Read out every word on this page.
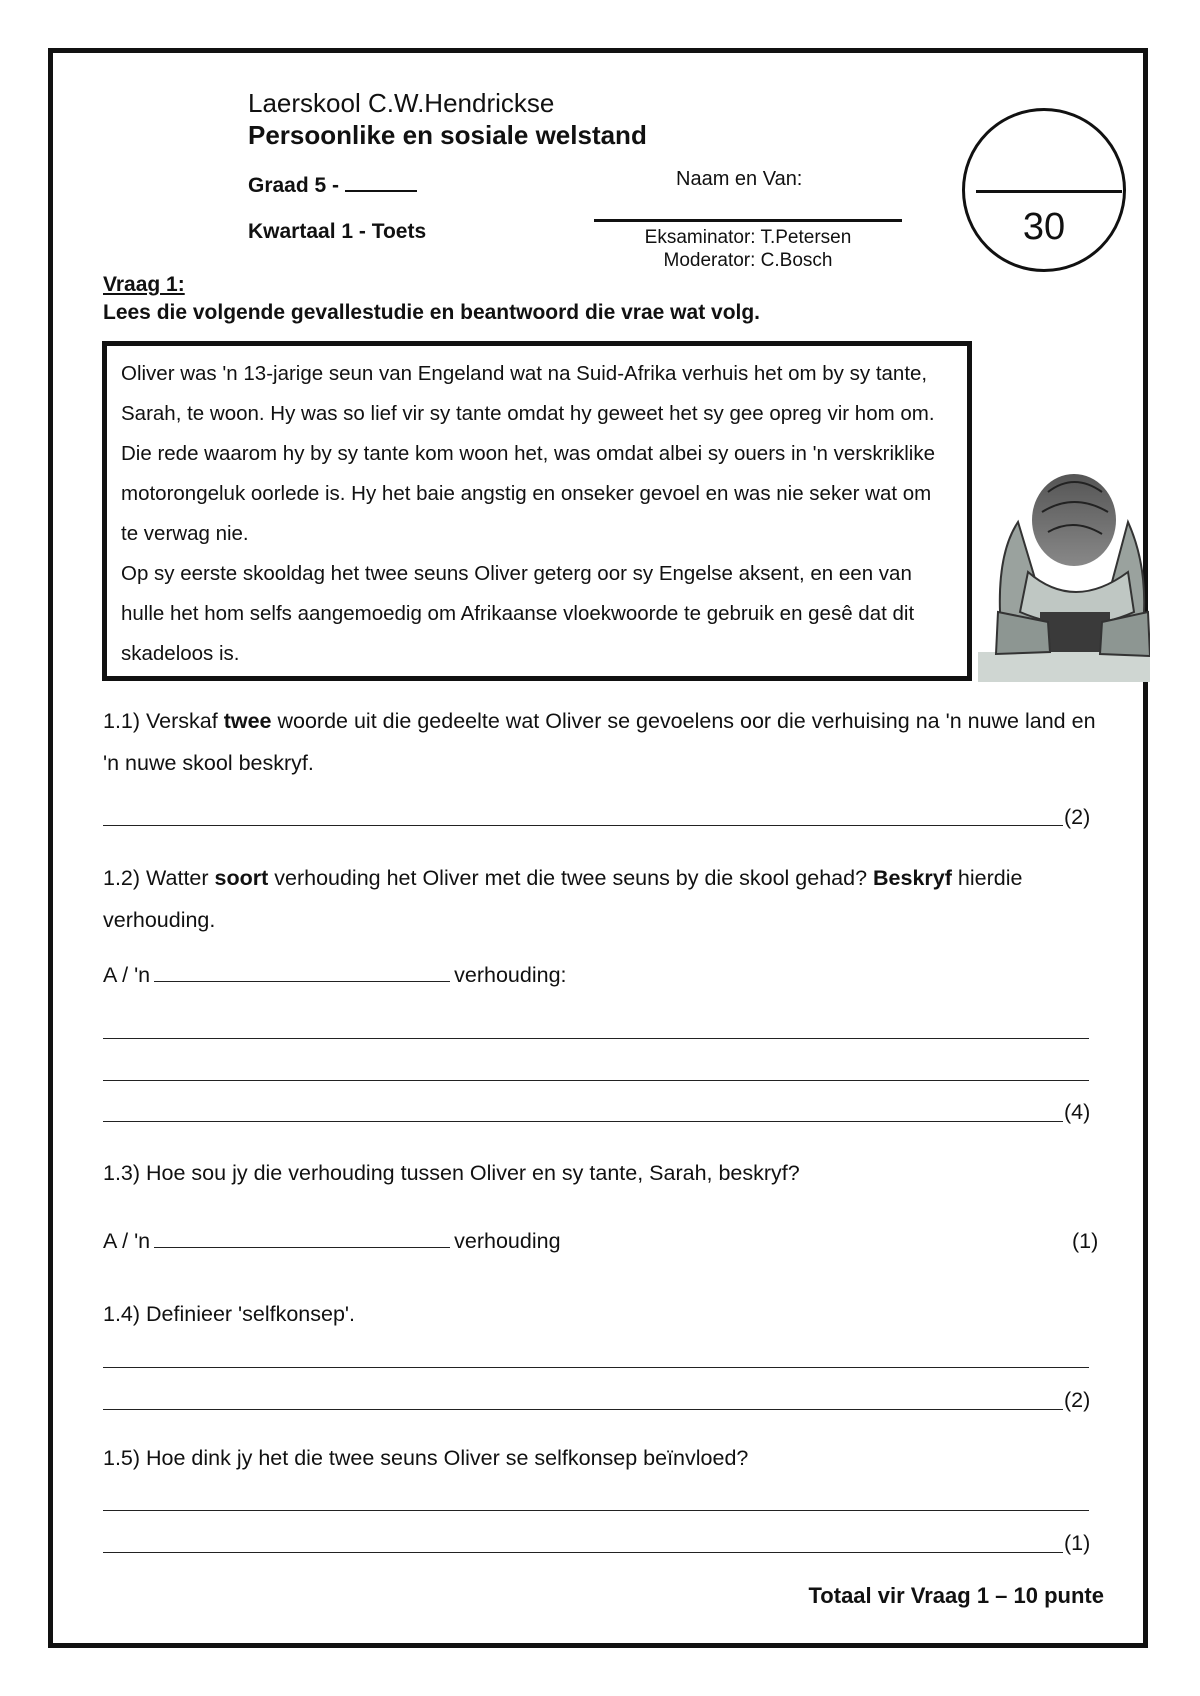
Laerskool C.W.Hendrickse
Persoonlike en sosiale welstand
Graad 5 -
Kwartaal 1 - Toets
Naam en Van:
Eksaminator: T.Petersen
Moderator: C.Bosch
30
Vraag 1:
Lees die volgende gevallestudie en beantwoord die vrae wat volg.

Oliver was 'n 13-jarige seun van Engeland wat na Suid-Afrika verhuis het om by sy tante, Sarah, te woon. Hy was so lief vir sy tante omdat hy geweet het sy gee opreg vir hom om. Die rede waarom hy by sy tante kom woon het, was omdat albei sy ouers in 'n verskriklike motorongeluk oorlede is. Hy het baie angstig en onseker gevoel en was nie seker wat om te verwag nie.

Op sy eerste skooldag het twee seuns Oliver geterg oor sy Engelse aksent, en een van hulle het hom selfs aangemoedig om Afrikaanse vloekwoorde te gebruik en gesê dat dit skadeloos is.

1.1) Verskaf twee woorde uit die gedeelte wat Oliver se gevoelens oor die verhuising na 'n nuwe land en 'n nuwe skool beskryf.
(2)
1.2) Watter soort verhouding het Oliver met die twee seuns by die skool gehad? Beskryf hierdie verhouding.
A / 'n	verhouding:
(4)
1.3) Hoe sou jy die verhouding tussen Oliver en sy tante, Sarah, beskryf?
A / 'n	verhouding	(1)
1.4) Definieer 'selfkonsep'.
(2)
1.5) Hoe dink jy het die twee seuns Oliver se selfkonsep beïnvloed?
(1)
Totaal vir Vraag 1 – 10 punte
